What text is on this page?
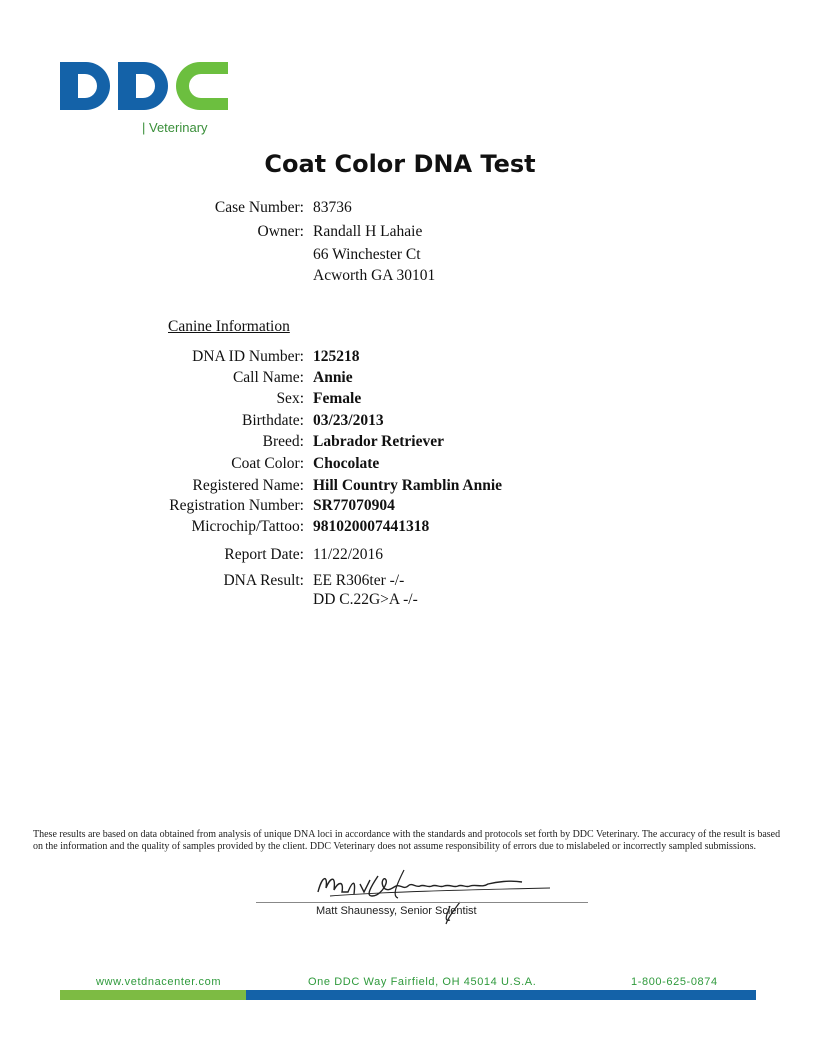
| Veterinary
Coat Color DNA Test
Case Number: 83736
Owner: Randall H Lahaie
66 Winchester Ct
Acworth GA 30101
Canine Information
DNA ID Number: 125218
Call Name: Annie
Sex: Female
Birthdate: 03/23/2013
Breed: Labrador Retriever
Coat Color: Chocolate
Registered Name: Hill Country Ramblin Annie
Registration Number: SR77070904
Microchip/Tattoo: 981020007441318
Report Date: 11/22/2016
DNA Result: EE R306ter -/-
DD C.22G>A -/-
These results are based on data obtained from analysis of unique DNA loci in accordance with the standards and protocols set forth by DDC Veterinary. The accuracy of the result is based on the information and the quality of samples provided by the client. DDC Veterinary does not assume responsibility of errors due to mislabeled or incorrectly sampled submissions.
Matt Shaunessy, Senior Scientist
www.vetdnacenter.com	One DDC Way Fairfield, OH 45014 U.S.A.	1-800-625-0874
